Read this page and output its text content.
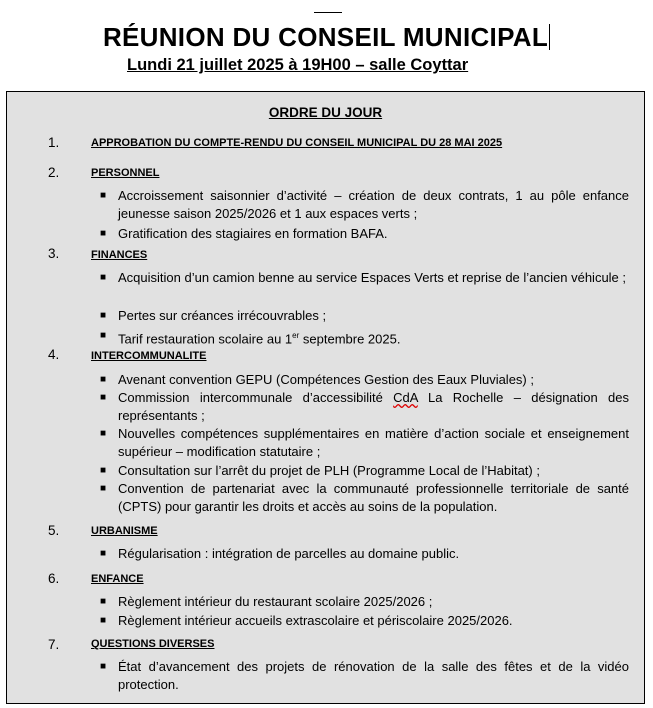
RÉUNION DU CONSEIL MUNICIPAL
Lundi 21 juillet 2025 à 19H00 – salle Coyttar
ORDRE DU JOUR
1.	APPROBATION DU COMPTE-RENDU DU CONSEIL MUNICIPAL DU 28 MAI 2025
2.	PERSONNEL
■ Accroissement saisonnier d’activité – création de deux contrats, 1 au pôle enfance jeunesse saison 2025/2026 et 1 aux espaces verts ;
■ Gratification des stagiaires en formation BAFA.
3.	FINANCES
■ Acquisition d’un camion benne au service Espaces Verts et reprise de l’ancien véhicule ;
■ Pertes sur créances irrécouvrables ;
■ Tarif restauration scolaire au 1er septembre 2025.
4.	INTERCOMMUNALITE
■ Avenant convention GEPU (Compétences Gestion des Eaux Pluviales) ;
■ Commission intercommunale d’accessibilité CdA La Rochelle – désignation des représentants ;
■ Nouvelles compétences supplémentaires en matière d’action sociale et enseignement supérieur – modification statutaire ;
■ Consultation sur l’arrêt du projet de PLH (Programme Local de l’Habitat) ;
■ Convention de partenariat avec la communauté professionnelle territoriale de santé (CPTS) pour garantir les droits et accès au soins de la population.
5.	URBANISME
■ Régularisation : intégration de parcelles au domaine public.
6.	ENFANCE
■ Règlement intérieur du restaurant scolaire 2025/2026 ;
■ Règlement intérieur accueils extrascolaire et périscolaire 2025/2026.
7.	QUESTIONS DIVERSES
■ État d’avancement des projets de rénovation de la salle des fêtes et de la vidéo protection.
